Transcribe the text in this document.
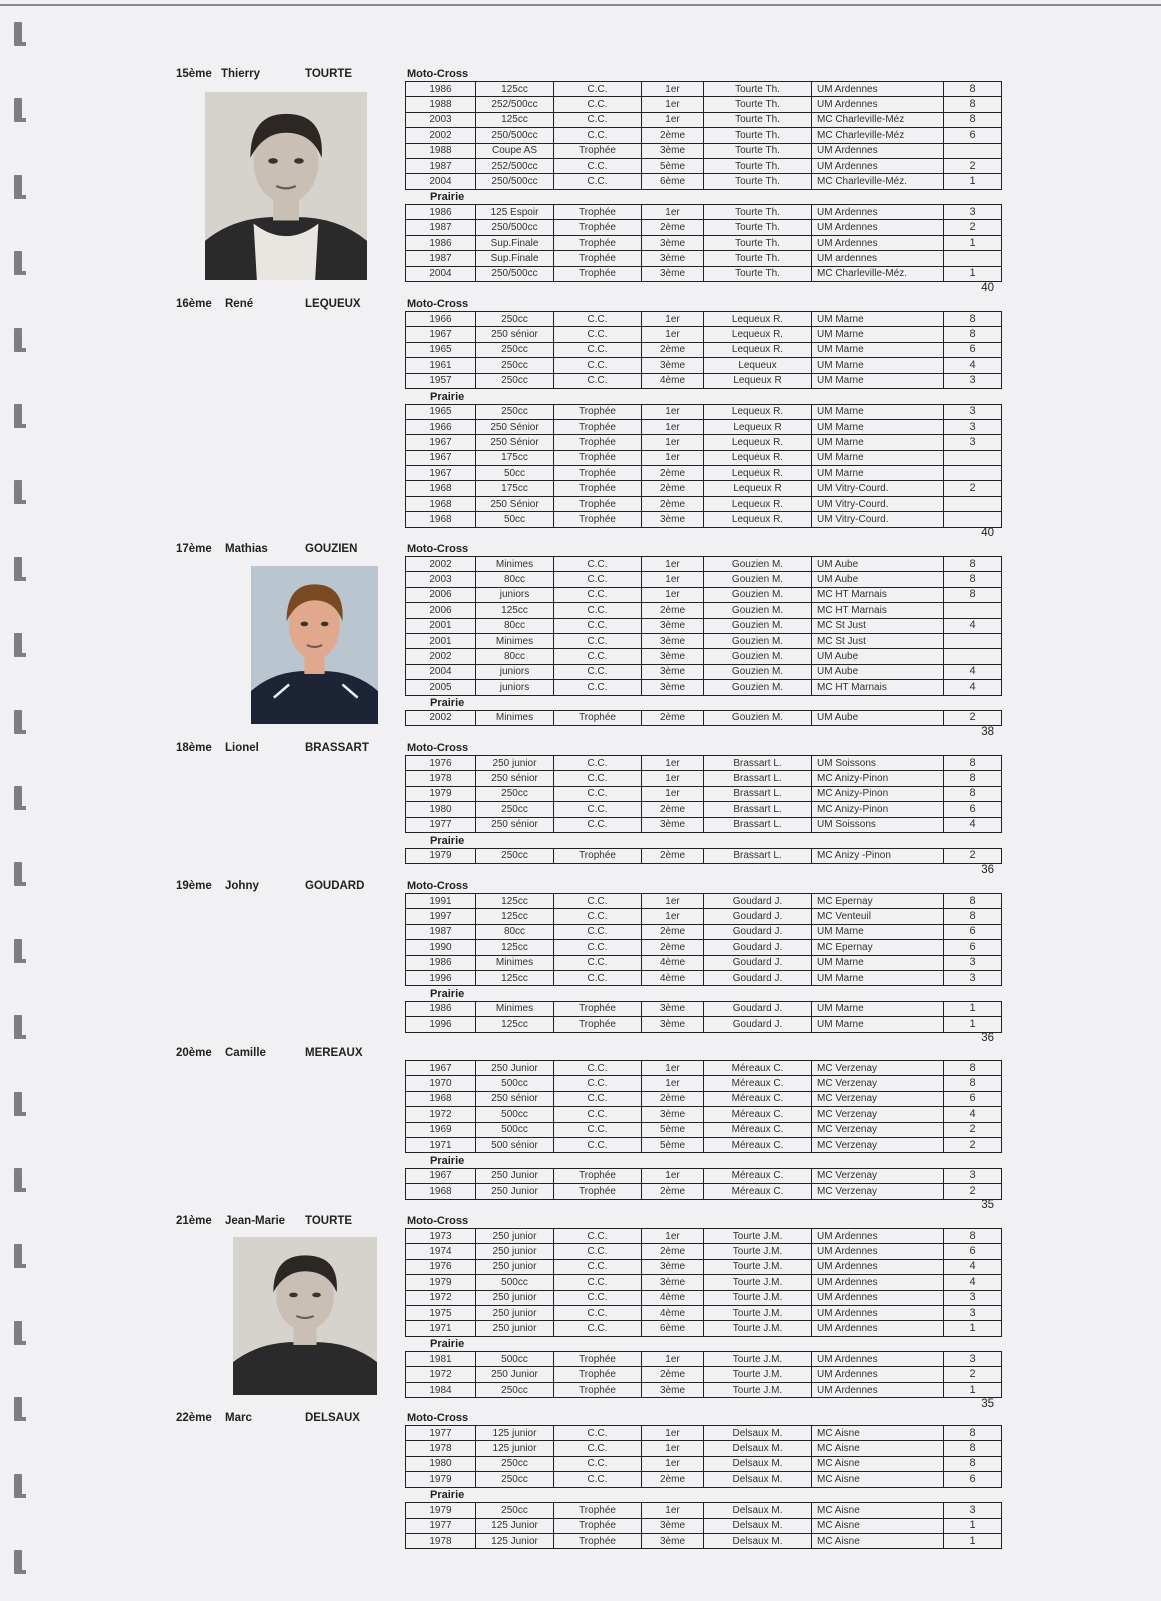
15ème Thierry	TOURTE	Moto-Cross
1986	125cc	C.C.	1er	Tourte Th.	UM Ardennes	8
1988	252/500cc	C.C.	1er	Tourte Th.	UM Ardennes	8
2003	125cc	C.C.	1er	Tourte Th.	MC Charleville-Méz	8
2002	250/500cc	C.C.	2ème	Tourte Th.	MC Charleville-Méz	6
1988	Coupe AS	Trophée	3ème	Tourte Th.	UM Ardennes	
1987	252/500cc	C.C.	5ème	Tourte Th.	UM Ardennes	2
2004	250/500cc	C.C.	6ème	Tourte Th.	MC Charleville-Méz.	1
Prairie
1986	125 Espoir	Trophée	1er	Tourte Th.	UM Ardennes	3
1987	250/500cc	Trophée	2ème	Tourte Th.	UM Ardennes	2
1986	Sup.Finale	Trophée	3ème	Tourte Th.	UM Ardennes	1
1987	Sup.Finale	Trophée	3ème	Tourte Th.	UM ardennes	
2004	250/500cc	Trophée	3ème	Tourte Th.	MC Charleville-Méz.	1
40
16ème René	LEQUEUX	Moto-Cross
1966	250cc	C.C.	1er	Lequeux R.	UM Marne	8
1967	250 sénior	C.C.	1er	Lequeux R.	UM Marne	8
1965	250cc	C.C.	2ème	Lequeux R.	UM Marne	6
1961	250cc	C.C.	3ème	Lequeux	UM Marne	4
1957	250cc	C.C.	4ème	Lequeux R	UM Marne	3
Prairie
1965	250cc	Trophée	1er	Lequeux R.	UM Marne	3
1966	250 Sénior	Trophée	1er	Lequeux R	UM Marne	3
1967	250 Sénior	Trophée	1er	Lequeux R.	UM Marne	3
1967	175cc	Trophée	1er	Lequeux R.	UM Marne	
1967	50cc	Trophée	2ème	Lequeux R.	UM Marne	
1968	175cc	Trophée	2ème	Lequeux R	UM Vitry-Courd.	2
1968	250 Sénior	Trophée	2ème	Lequeux R.	UM Vitry-Courd.	
1968	50cc	Trophée	3ème	Lequeux R.	UM Vitry-Courd.	
40
17ème Mathias	GOUZIEN	Moto-Cross
2002	Minimes	C.C.	1er	Gouzien M.	UM Aube	8
2003	80cc	C.C.	1er	Gouzien M.	UM Aube	8
2006	juniors	C.C.	1er	Gouzien M.	MC HT Marnais	8
2006	125cc	C.C.	2ème	Gouzien M.	MC HT Marnais	
2001	80cc	C.C.	3ème	Gouzien M.	MC St Just	4
2001	Minimes	C.C.	3ème	Gouzien M.	MC St Just	
2002	80cc	C.C.	3ème	Gouzien M.	UM Aube	
2004	juniors	C.C.	3ème	Gouzien M.	UM Aube	4
2005	juniors	C.C.	3ème	Gouzien M.	MC HT Marnais	4
Prairie
2002	Minimes	Trophée	2ème	Gouzien M.	UM Aube	2
38
18ème Lionel	BRASSART	Moto-Cross
1976	250 junior	C.C.	1er	Brassart L.	UM Soissons	8
1978	250 sénior	C.C.	1er	Brassart L.	MC Anizy-Pinon	8
1979	250cc	C.C.	1er	Brassart L.	MC Anizy-Pinon	8
1980	250cc	C.C.	2ème	Brassart L.	MC Anizy-Pinon	6
1977	250 sénior	C.C.	3ème	Brassart L.	UM Soissons	4
Prairie
1979	250cc	Trophée	2ème	Brassart L.	MC Anizy -Pinon	2
36
19ème Johny	GOUDARD	Moto-Cross
1991	125cc	C.C.	1er	Goudard J.	MC Epernay	8
1997	125cc	C.C.	1er	Goudard J.	MC Venteuil	8
1987	80cc	C.C.	2ème	Goudard J.	UM Marne	6
1990	125cc	C.C.	2ème	Goudard J.	MC Epernay	6
1986	Minimes	C.C.	4ème	Goudard J.	UM Marne	3
1996	125cc	C.C.	4ème	Goudard J.	UM Marne	3
Prairie
1986	Minimes	Trophée	3ème	Goudard J.	UM Marne	1
1996	125cc	Trophée	3ème	Goudard J.	UM Marne	1
36
20ème Camille	MEREAUX
1967	250 Junior	C.C.	1er	Méreaux C.	MC Verzenay	8
1970	500cc	C.C.	1er	Méreaux C.	MC Verzenay	8
1968	250 sénior	C.C.	2ème	Méreaux C.	MC Verzenay	6
1972	500cc	C.C.	3ème	Méreaux C.	MC Verzenay	4
1969	500cc	C.C.	5ème	Méreaux C.	MC Verzenay	2
1971	500 sénior	C.C.	5ème	Méreaux C.	MC Verzenay	2
Prairie
1967	250 Junior	Trophée	1er	Méreaux C.	MC Verzenay	3
1968	250 Junior	Trophée	2ème	Méreaux C.	MC Verzenay	2
35
21ème Jean-Marie TOURTE	Moto-Cross
1973	250 junior	C.C.	1er	Tourte J.M.	UM Ardennes	8
1974	250 junior	C.C.	2ème	Tourte J.M.	UM Ardennes	6
1976	250 junior	C.C.	3ème	Tourte J.M.	UM Ardennes	4
1979	500cc	C.C.	3ème	Tourte J.M.	UM Ardennes	4
1972	250 junior	C.C.	4ème	Tourte J.M.	UM Ardennes	3
1975	250 junior	C.C.	4ème	Tourte J.M.	UM Ardennes	3
1971	250 junior	C.C.	6ème	Tourte J.M.	UM Ardennes	1
Prairie
1981	500cc	Trophée	1er	Tourte J.M.	UM Ardennes	3
1972	250 Junior	Trophée	2ème	Tourte J.M.	UM Ardennes	2
1984	250cc	Trophée	3ème	Tourte J.M.	UM Ardennes	1
35
22ème Marc	DELSAUX	Moto-Cross
1977	125 junior	C.C.	1er	Delsaux M.	MC Aisne	8
1978	125 junior	C.C.	1er	Delsaux M.	MC Aisne	8
1980	250cc	C.C.	1er	Delsaux M.	MC Aisne	8
1979	250cc	C.C.	2ème	Delsaux M.	MC Aisne	6
Prairie
1979	250cc	Trophée	1er	Delsaux M.	MC Aisne	3
1977	125 Junior	Trophée	3ème	Delsaux M.	MC Aisne	1
1978	125 Junior	Trophée	3ème	Delsaux M.	MC Aisne	1
